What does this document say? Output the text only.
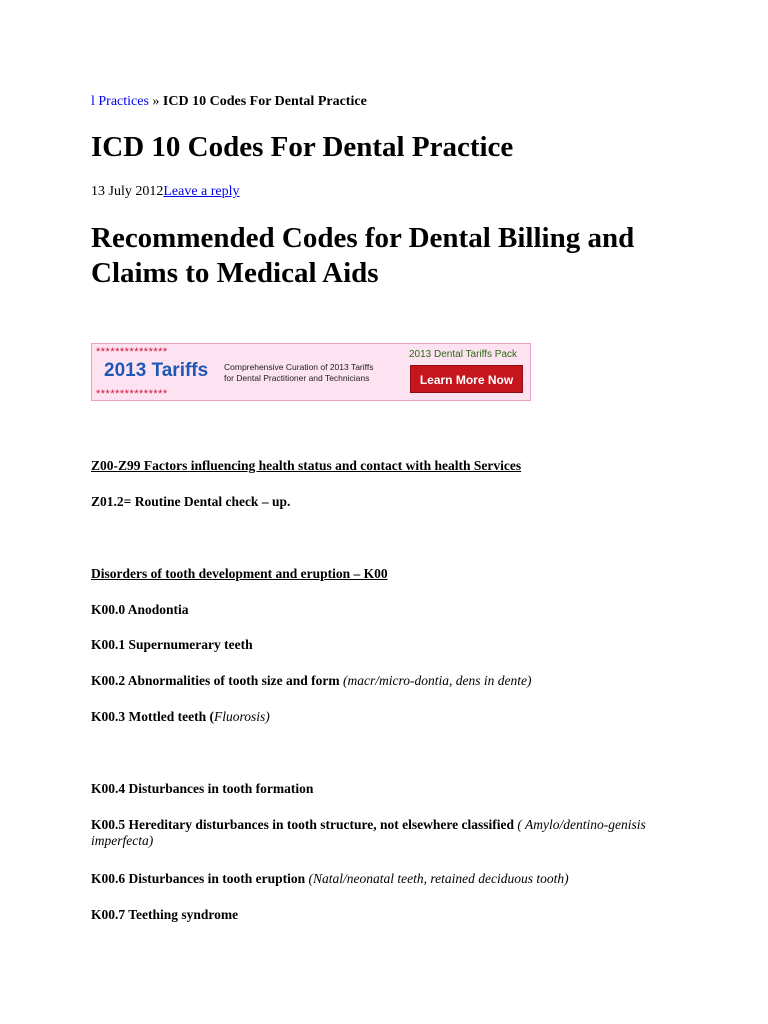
l Practices » ICD 10 Codes For Dental Practice
ICD 10 Codes For Dental Practice
13 July 2012Leave a reply
Recommended Codes for Dental Billing and Claims to Medical Aids
***************
2013 Tariffs
***************
Comprehensive Curation of 2013 Tariffs
for Dental Practitioner and Technicians
2013 Dental Tariffs Pack
Learn More Now
Z00-Z99 Factors influencing health status and contact with health Services
Z01.2= Routine Dental check – up.
Disorders of tooth development and eruption – K00
K00.0 Anodontia
K00.1 Supernumerary teeth
K00.2 Abnormalities of tooth size and form (macr/micro-dontia, dens in dente)
K00.3 Mottled teeth (Fluorosis)
K00.4 Disturbances in tooth formation
K00.5 Hereditary disturbances in tooth structure, not elsewhere classified ( Amylo/dentino-genisis imperfecta)
K00.6 Disturbances in tooth eruption (Natal/neonatal teeth, retained deciduous tooth)
K00.7 Teething syndrome
